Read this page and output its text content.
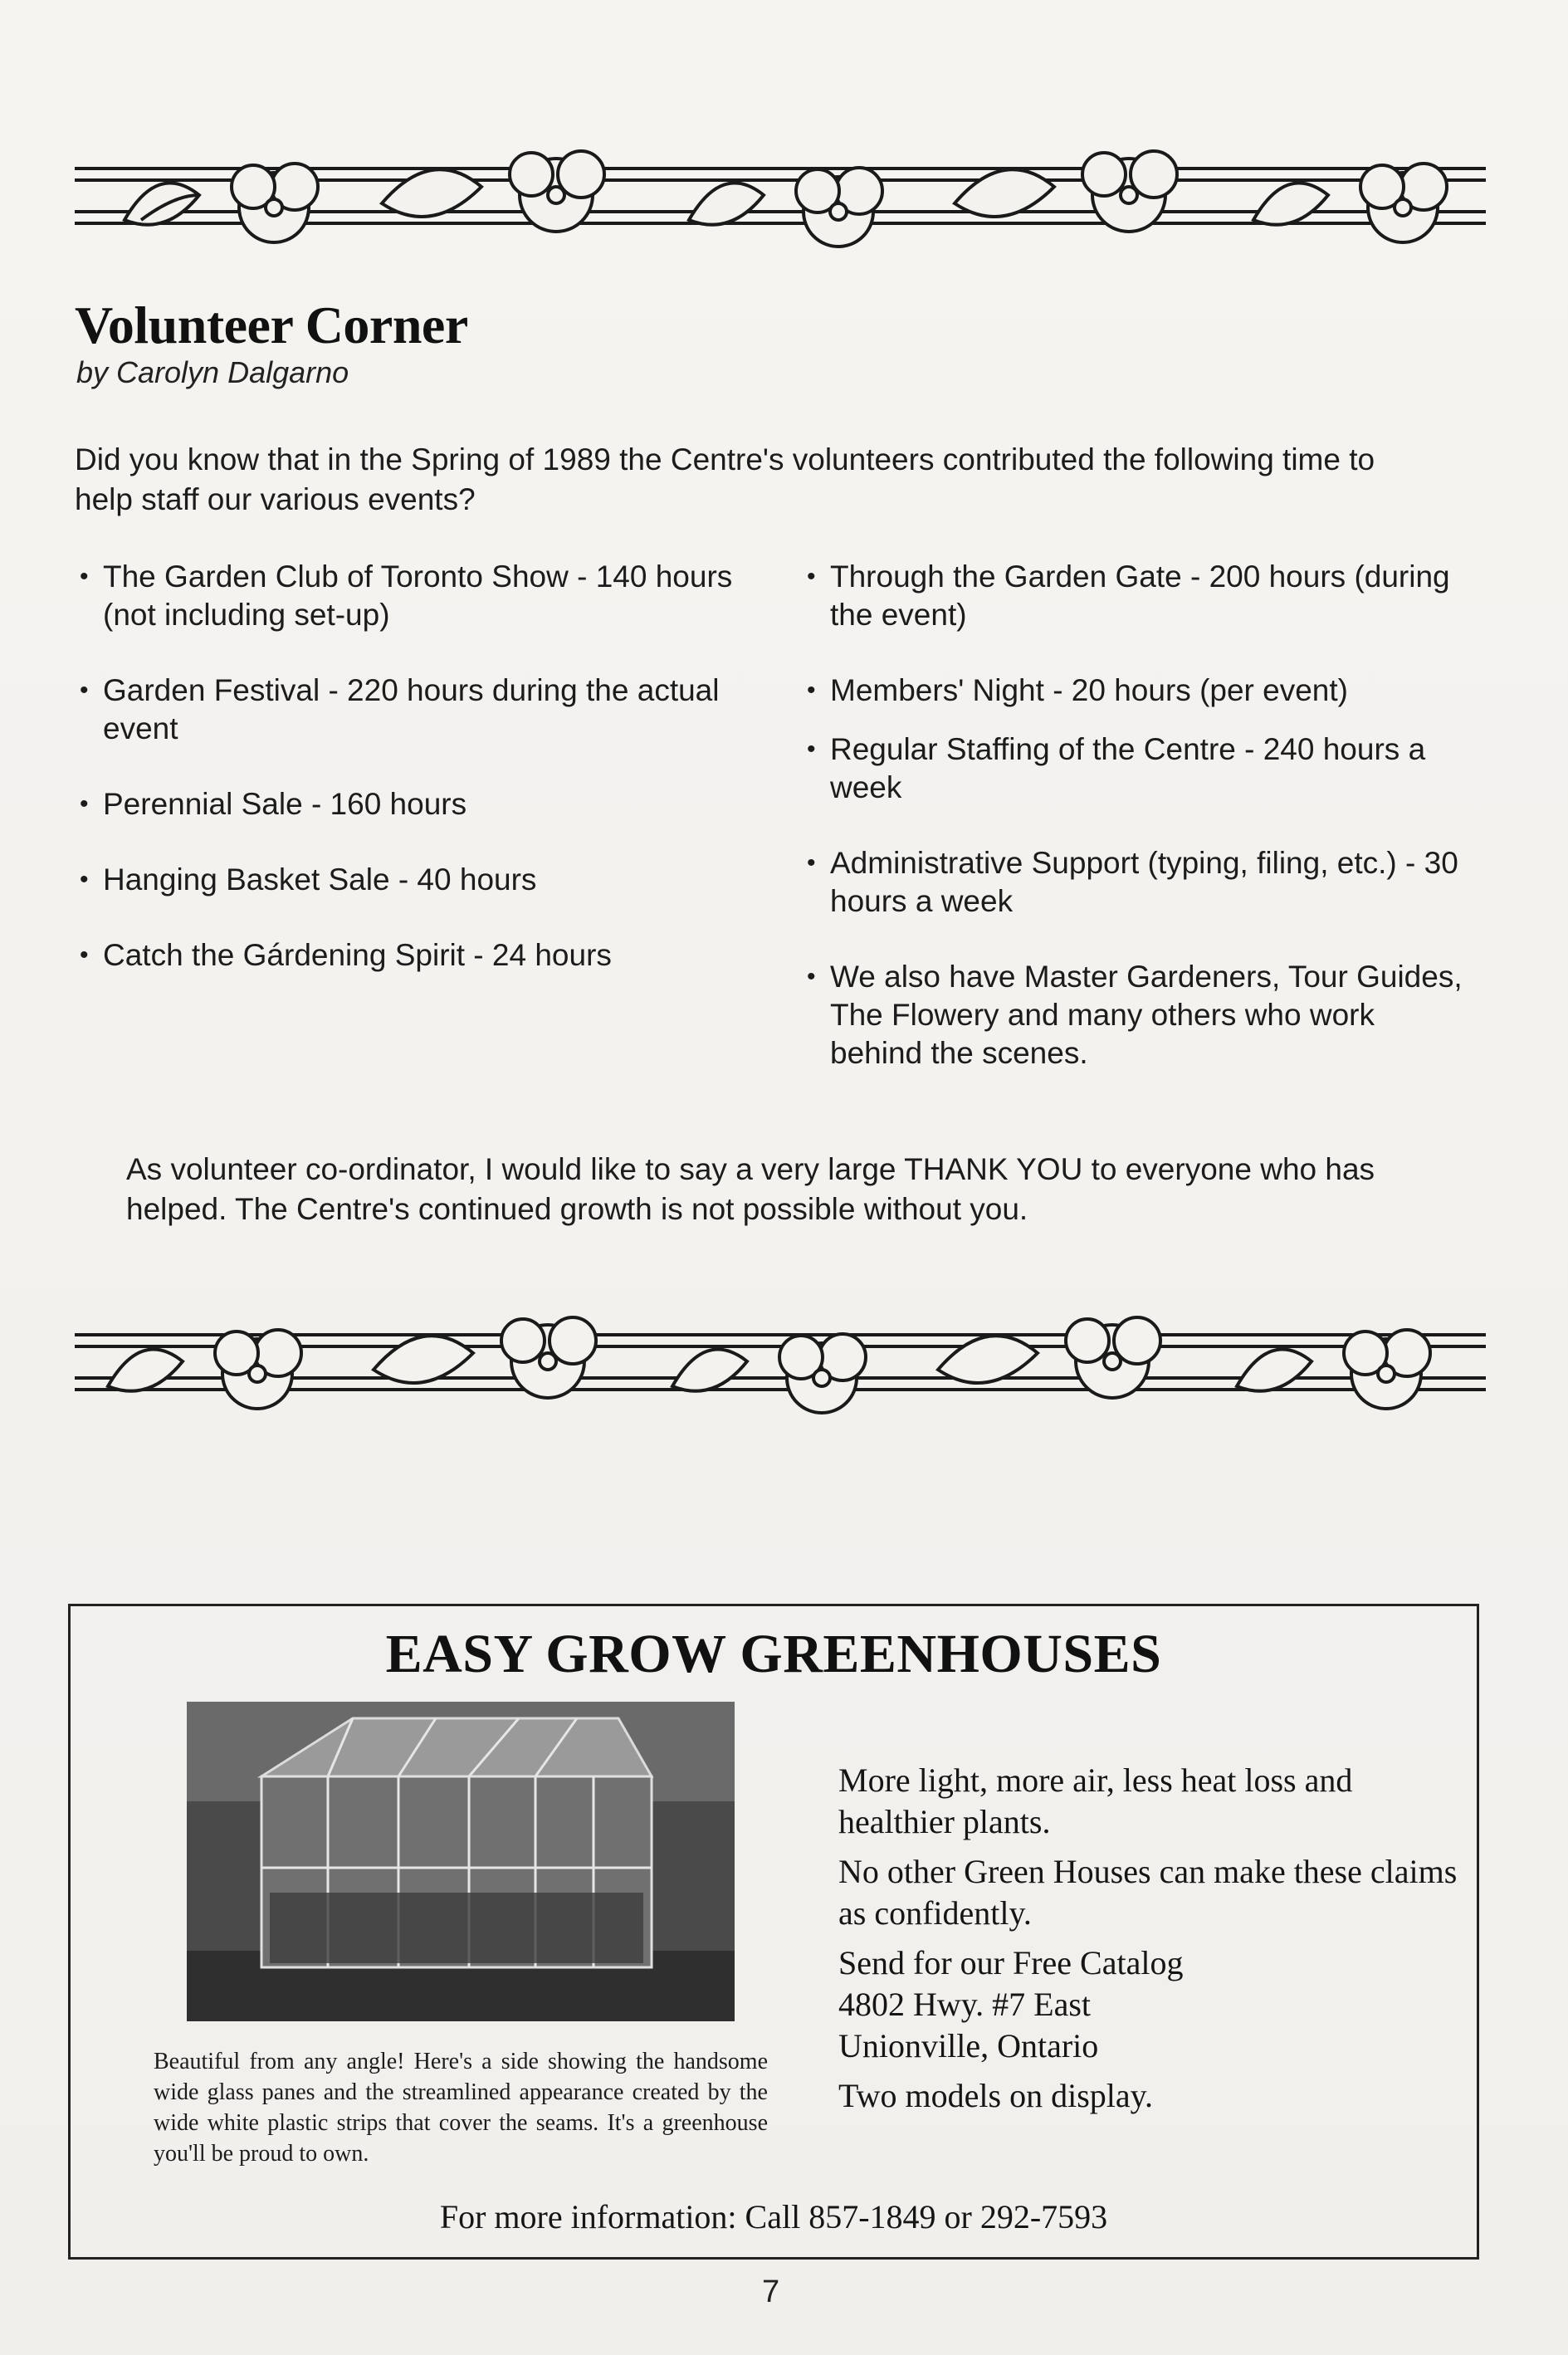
Volunteer Corner
by Carolyn Dalgarno
Did you know that in the Spring of 1989 the Centre's volunteers contributed the following time to help staff our various events?
• The Garden Club of Toronto Show - 140 hours (not including set-up)
• Garden Festival - 220 hours during the actual event
• Perennial Sale - 160 hours
• Hanging Basket Sale - 40 hours
• Catch the Gárdening Spirit - 24 hours
• Through the Garden Gate - 200 hours (during the event)
• Members' Night - 20 hours (per event)
• Regular Staffing of the Centre - 240 hours a week
• Administrative Support (typing, filing, etc.) - 30 hours a week
• We also have Master Gardeners, Tour Guides, The Flowery and many others who work behind the scenes.
As volunteer co-ordinator, I would like to say a very large THANK YOU to everyone who has helped. The Centre's continued growth is not possible without you.
EASY GROW GREENHOUSES
Beautiful from any angle! Here's a side showing the handsome wide glass panes and the streamlined appearance created by the wide white plastic strips that cover the seams. It's a greenhouse you'll be proud to own.

More light, more air, less heat loss and healthier plants.

No other Green Houses can make these claims as confidently.

Send for our Free Catalog

4802 Hwy. #7 East

Unionville, Ontario

Two models on display.

For more information: Call 857-1849 or 292-7593
7
